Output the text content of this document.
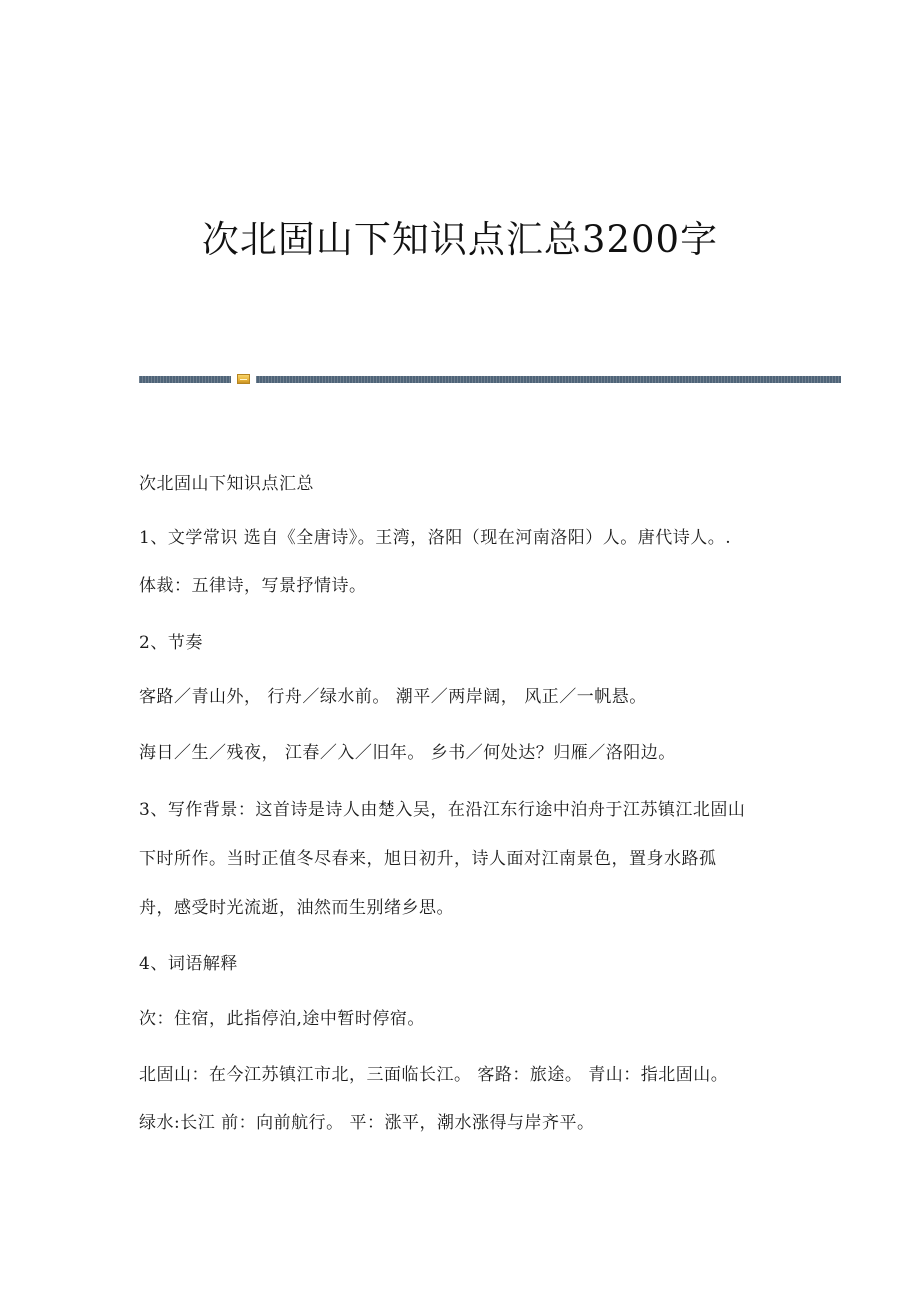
次北固山下知识点汇总3200字
次北固山下知识点汇总
1、文学常识 选自《全唐诗》。王湾，洛阳（现在河南洛阳）人。唐代诗人。.
体裁：五律诗，写景抒情诗。
2、节奏
客路／青山外， 行舟／绿水前。 潮平／两岸阔， 风正／一帆悬。
海日／生／残夜， 江春／入／旧年。 乡书／何处达？归雁／洛阳边。
3、写作背景：这首诗是诗人由楚入吴，在沿江东行途中泊舟于江苏镇江北固山
下时所作。当时正值冬尽春来，旭日初升，诗人面对江南景色，置身水路孤
舟，感受时光流逝，油然而生别绪乡思。
4、词语解释
次：住宿，此指停泊,途中暂时停宿。
北固山：在今江苏镇江市北，三面临长江。 客路：旅途。 青山：指北固山。
绿水:长江 前：向前航行。 平：涨平，潮水涨得与岸齐平。
